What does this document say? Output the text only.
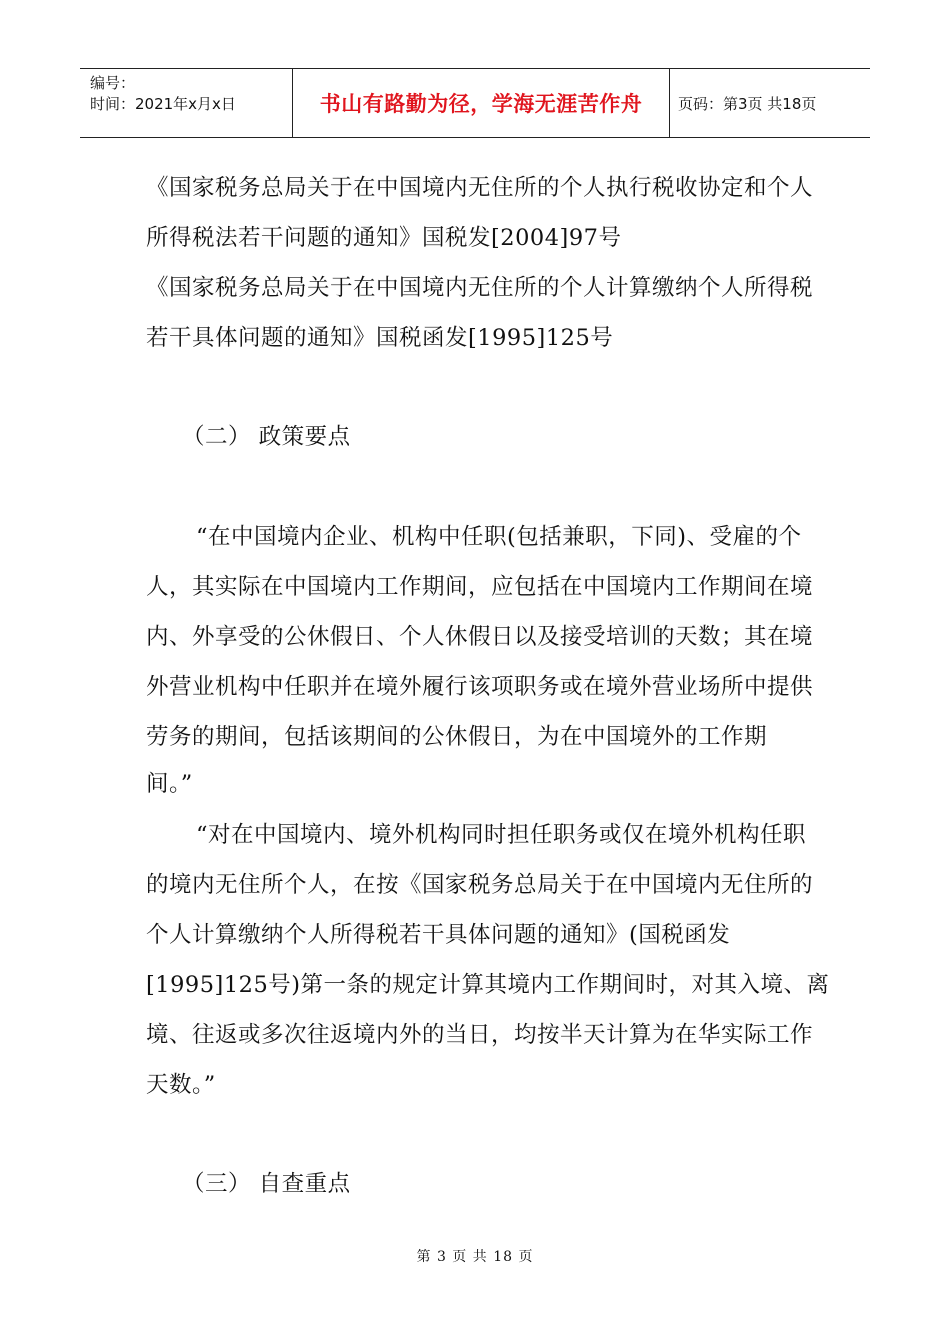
编号：
时间：2021年x月x日	书山有路勤为径，学海无涯苦作舟	页码：第3页 共18页
《国家税务总局关于在中国境内无住所的个人执行税收协定和个人
所得税法若干问题的通知》国税发[2004]97号
《国家税务总局关于在中国境内无住所的个人计算缴纳个人所得税
若干具体问题的通知》国税函发[1995]125号
（二） 政策要点
“在中国境内企业、机构中任职(包括兼职，下同)、受雇的个
人，其实际在中国境内工作期间，应包括在中国境内工作期间在境
内、外享受的公休假日、个人休假日以及接受培训的天数；其在境
外营业机构中任职并在境外履行该项职务或在境外营业场所中提供
劳务的期间，包括该期间的公休假日，为在中国境外的工作期
间。”
“对在中国境内、境外机构同时担任职务或仅在境外机构任职
的境内无住所个人，在按《国家税务总局关于在中国境内无住所的
个人计算缴纳个人所得税若干具体问题的通知》(国税函发
[1995]125号)第一条的规定计算其境内工作期间时，对其入境、离
境、往返或多次往返境内外的当日，均按半天计算为在华实际工作
天数。”
（三） 自查重点
第 3 页 共 18 页
